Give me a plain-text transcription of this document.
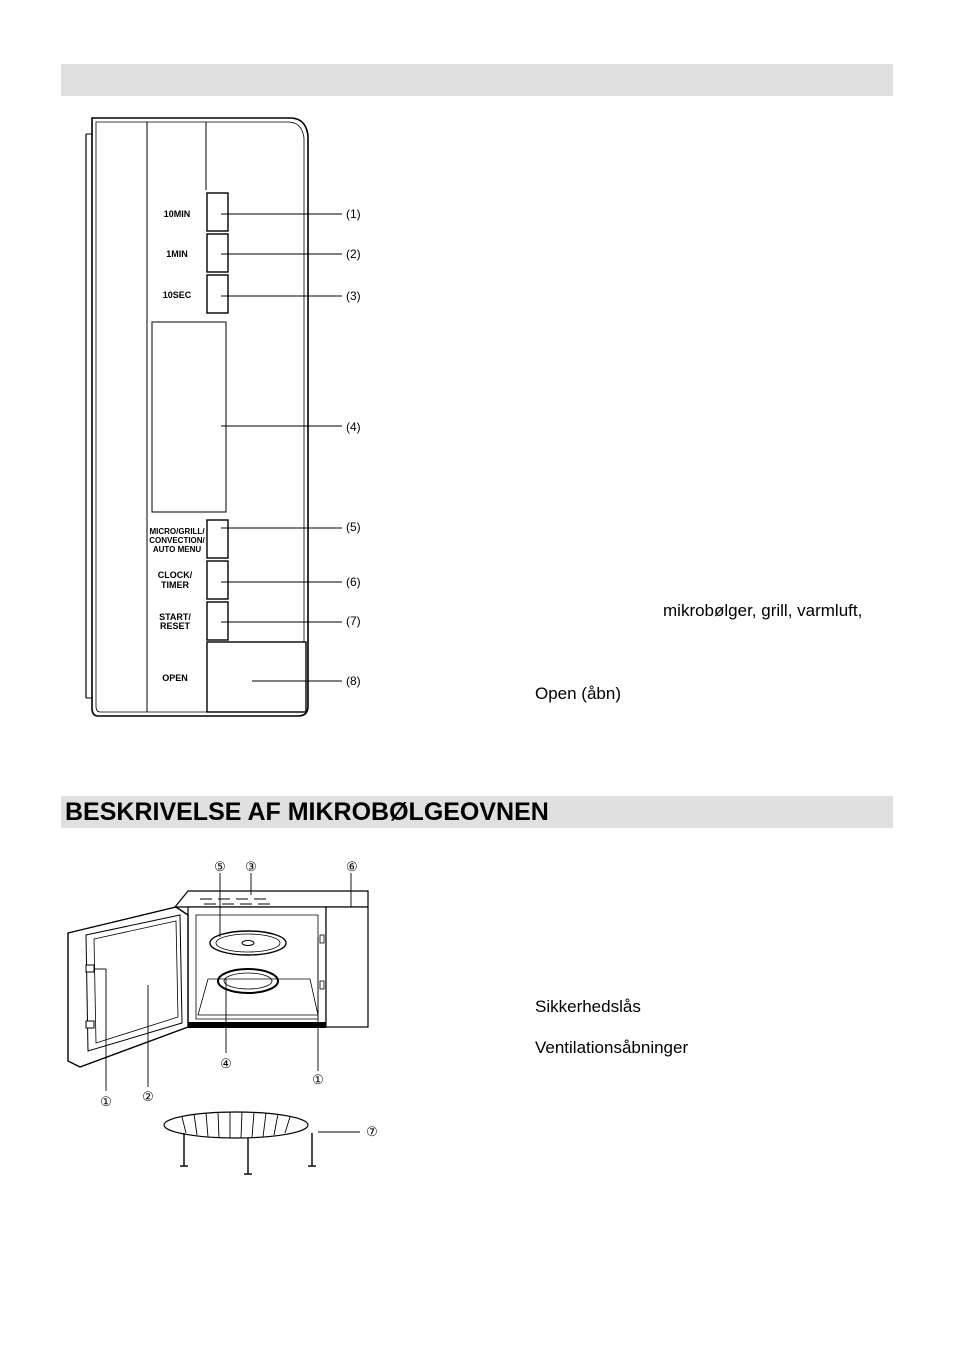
10MIN
1MIN
10SEC
MICRO/GRILL/
CONVECTION/
AUTO MENU
CLOCK/
TIMER
START/
RESET
OPEN
(1)
(2)
(3)
(4)
(5)
(6)
(7)
(8)
mikrobølger, grill, varmluft,
Open (åbn)
BESKRIVELSE AF MIKROBØLGEOVNEN
⑤ ③	⑥
① ②
④
①
⑦
Sikkerhedslås
Ventilationsåbninger
